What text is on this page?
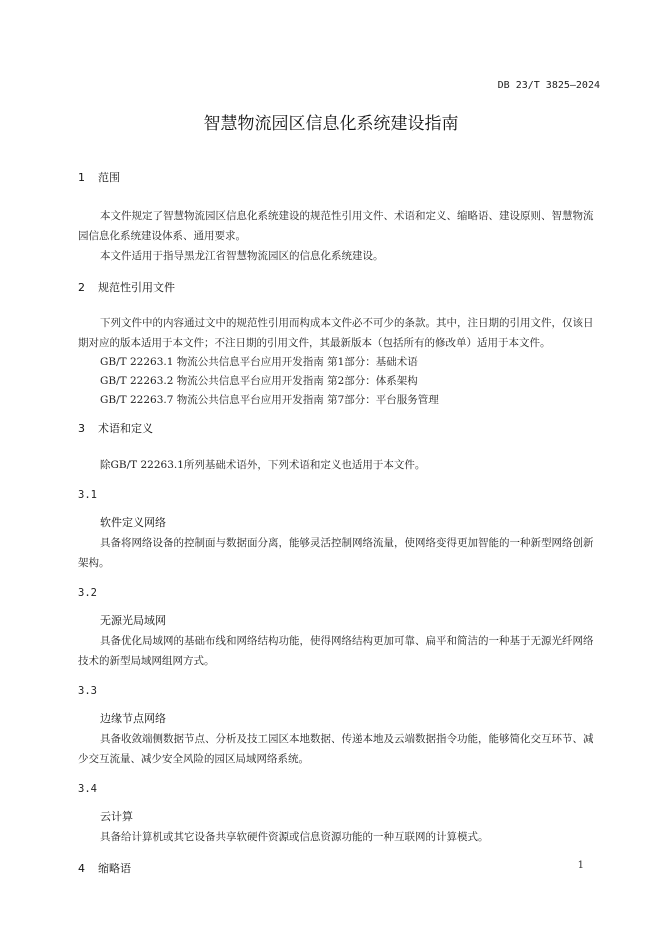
DB 23/T 3825—2024
智慧物流园区信息化系统建设指南
1 范围

本文件规定了智慧物流园区信息化系统建设的规范性引用文件、术语和定义、缩略语、建设原则、智慧物流园信息化系统建设体系、通用要求。

本文件适用于指导黑龙江省智慧物流园区的信息化系统建设。

2 规范性引用文件

下列文件中的内容通过文中的规范性引用而构成本文件必不可少的条款。其中，注日期的引用文件，仅该日期对应的版本适用于本文件；不注日期的引用文件，其最新版本（包括所有的修改单）适用于本文件。

GB/T 22263.1 物流公共信息平台应用开发指南 第1部分：基础术语
GB/T 22263.2 物流公共信息平台应用开发指南 第2部分：体系架构
GB/T 22263.7 物流公共信息平台应用开发指南 第7部分：平台服务管理
3 术语和定义

除GB/T 22263.1所列基础术语外，下列术语和定义也适用于本文件。

3.1
软件定义网络

具备将网络设备的控制面与数据面分离，能够灵活控制网络流量，使网络变得更加智能的一种新型网络创新架构。

3.2
无源光局域网

具备优化局域网的基础布线和网络结构功能，使得网络结构更加可靠、扁平和简洁的一种基于无源光纤网络技术的新型局域网组网方式。

3.3
边缘节点网络

具备收敛端侧数据节点、分析及技工园区本地数据、传递本地及云端数据指令功能，能够简化交互环节、减少交互流量、减少安全风险的园区局域网络系统。

3.4
云计算

具备给计算机或其它设备共享软硬件资源或信息资源功能的一种互联网的计算模式。

4 缩略语	1
